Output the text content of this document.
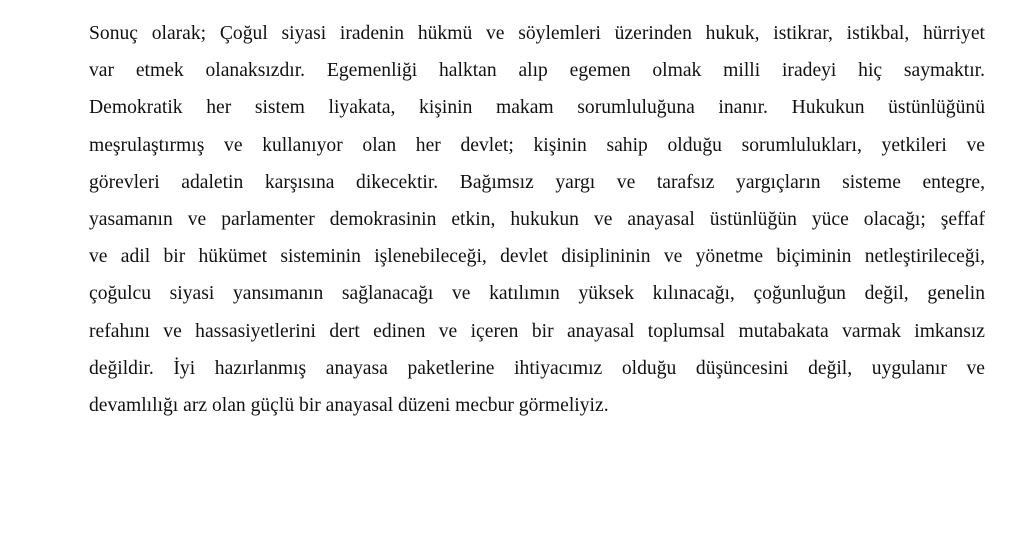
Sonuç olarak; Çoğul siyasi iradenin hükmü ve söylemleri üzerinden hukuk, istikrar, istikbal, hürriyet
var etmek olanaksızdır. Egemenliği halktan alıp egemen olmak milli iradeyi hiç saymaktır.
Demokratik her sistem liyakata, kişinin makam sorumluluğuna inanır. Hukukun üstünlüğünü
meşrulaştırmış ve kullanıyor olan her devlet; kişinin sahip olduğu sorumlulukları, yetkileri ve
görevleri adaletin karşısına dikecektir. Bağımsız yargı ve tarafsız yargıçların sisteme entegre,
yasamanın ve parlamenter demokrasinin etkin, hukukun ve anayasal üstünlüğün yüce olacağı; şeffaf
ve adil bir hükümet sisteminin işlenebileceği, devlet disiplininin ve yönetme biçiminin netleştirileceği,
çoğulcu siyasi yansımanın sağlanacağı ve katılımın yüksek kılınacağı, çoğunluğun değil, genelin
refahını ve hassasiyetlerini dert edinen ve içeren bir anayasal toplumsal mutabakata varmak imkansız
değildir. İyi hazırlanmış anayasa paketlerine ihtiyacımız olduğu düşüncesini değil, uygulanır ve
devamlılığı arz olan güçlü bir anayasal düzeni mecbur görmeliyiz.
